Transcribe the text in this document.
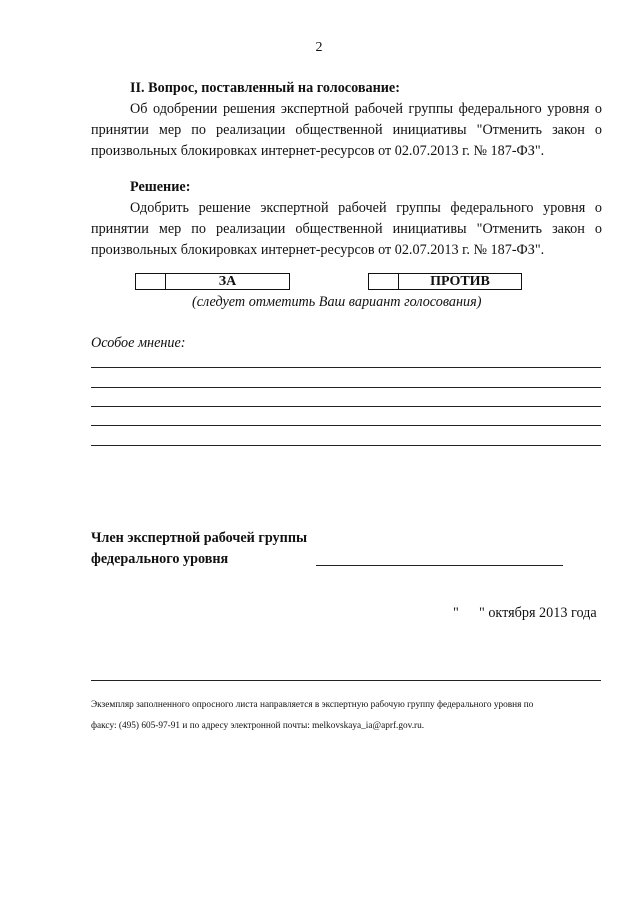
2
II. Вопрос, поставленный на голосование:
Об одобрении решения экспертной рабочей группы федерального уровня о принятии мер по реализации общественной инициативы "Отменить закон о произвольных блокировках интернет-ресурсов от 02.07.2013 г. № 187-ФЗ".
Решение:
Одобрить решение экспертной рабочей группы федерального уровня о принятии мер по реализации общественной инициативы "Отменить закон о произвольных блокировках интернет-ресурсов от 02.07.2013 г. № 187-ФЗ".
ЗА	ПРОТИВ
(следует отметить Ваш вариант голосования)
Особое мнение:
Член экспертной рабочей группы
федерального уровня
" " октября 2013 года
Экземпляр заполненного опросного листа направляется в экспертную рабочую группу федерального уровня по
факсу: (495) 605-97-91 и по адресу электронной почты: melkovskaya_ia@aprf.gov.ru.
